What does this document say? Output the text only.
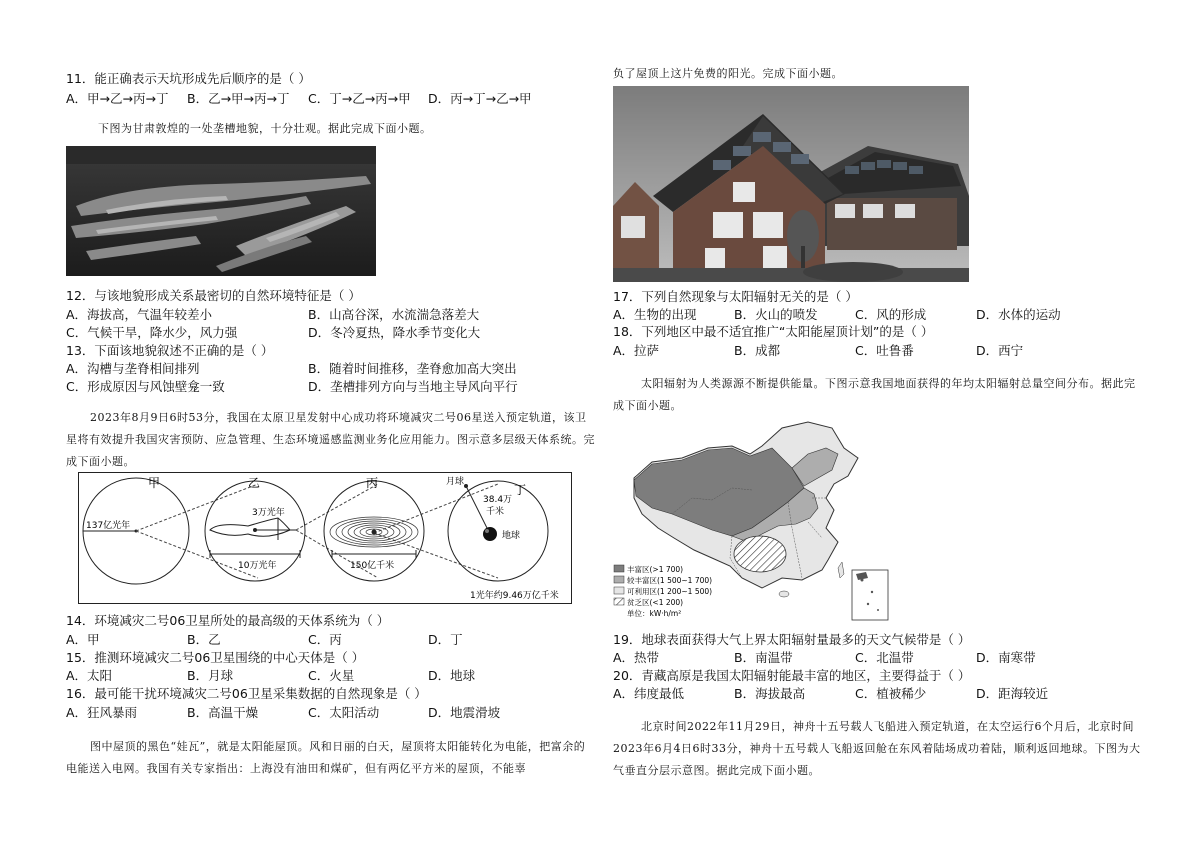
11．能正确表示天坑形成先后顺序的是（ ）
A．甲→乙→丙→丁 B．乙→甲→丙→丁 C．丁→乙→丙→甲 D．丙→丁→乙→甲
下图为甘肃敦煌的一处垄槽地貌，十分壮观。据此完成下面小题。
12．与该地貌形成关系最密切的自然环境特征是（ ）
A．海拔高，气温年较差小	B．山高谷深，水流湍急落差大
C．气候干旱，降水少，风力强	D．冬冷夏热，降水季节变化大
13．下面该地貌叙述不正确的是（ ）
A．沟槽与垄脊相间排列	B．随着时间推移，垄脊愈加高大突出
C．形成原因与风蚀壁龛一致	D．垄槽排列方向与当地主导风向平行
2023年8月9日6时53分，我国在太原卫星发射中心成功将环境减灾二号06星送入预定轨道，该卫星将有效提升我国灾害预防、应急管理、生态环境遥感监测业务化应用能力。图示意多层级天体系统。完成下面小题。
甲
137亿光年
乙
3万光年
10万光年
丙
150亿千米
丁
月球
38.4万
千米
地球
1光年约9.46万亿千米
14．环境减灾二号06卫星所处的最高级的天体系统为（ ）
A．甲	B．乙	C．丙	D．丁
15．推测环境减灾二号06卫星围绕的中心天体是（ ）
A．太阳	B．月球	C．火星	D．地球
16．最可能干扰环境减灾二号06卫星采集数据的自然现象是（ ）
A．狂风暴雨	B．高温干燥	C．太阳活动	D．地震滑坡
图中屋顶的黑色“娃瓦”，就是太阳能屋顶。风和日丽的白天，屋顶将太阳能转化为电能，把富余的电能送入电网。我国有关专家指出：上海没有油田和煤矿，但有两亿平方米的屋顶，不能辜
负了屋顶上这片免费的阳光。完成下面小题。
17．下列自然现象与太阳辐射无关的是（ ）
A．生物的出现	B．火山的喷发	C．风的形成	D．水体的运动
18．下列地区中最不适宜推广“太阳能屋顶计划”的是（ ）
A．拉萨	B．成都	C．吐鲁番	D．西宁
太阳辐射为人类源源不断提供能量。下图示意我国地面获得的年均太阳辐射总量空间分布。据此完成下面小题。
丰富区(>1 700)
较丰富区(1 500~1 700)
可利用区(1 200~1 500)
贫乏区(<1 200)
单位：kW·h/m²
19．地球表面获得大气上界太阳辐射量最多的天文气候带是（ ）
A．热带	B．南温带	C．北温带	D．南寒带
20．青藏高原是我国太阳辐射能最丰富的地区，主要得益于（ ）
A．纬度最低	B．海拔最高	C．植被稀少	D．距海较近
北京时间2022年11月29日，神舟十五号载人飞船进入预定轨道，在太空运行6个月后，北京时间2023年6月4日6时33分，神舟十五号载人飞船返回舱在东风着陆场成功着陆，顺利返回地球。下图为大气垂直分层示意图。据此完成下面小题。
